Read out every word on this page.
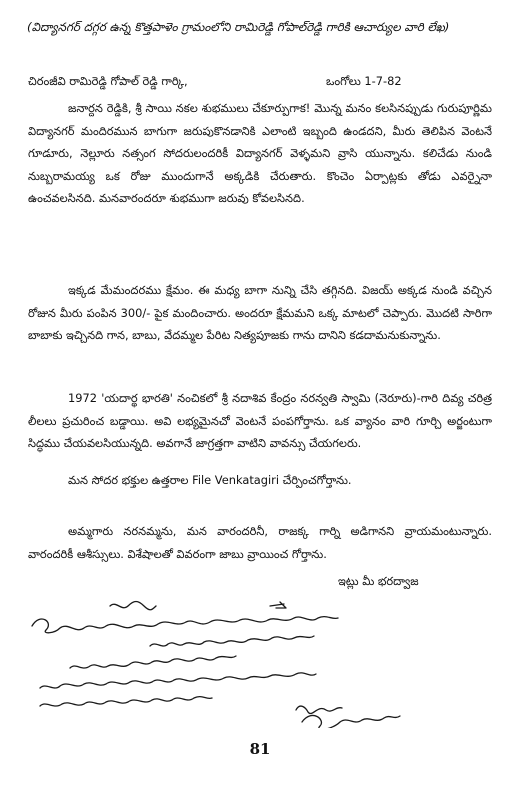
(విద్యానగర్ దగ్గర ఉన్న కొత్తపాళెం గ్రామంలోని రామిరెడ్డి గోపాల్‌రెడ్డి గారికి ఆచార్యుల వారి లేఖ)
చిరంజీవి రామిరెడ్డి గోపాల్ రెడ్డి గార్కి,	ఒంగోలు 1-7-82
జనార్దన రెడ్డికి, శ్రీ సాయి నకల శుభములు చేకూర్పుగాక! మొన్న మనం కలసినప్పుడు గురుపూర్ణిమ విద్యానగర్ మందిరమున బాగుగా జరుపుకొనడానికి ఎలాంటి ఇబ్బంది ఉండదని, మీరు తెలిపిన వెంటనే గూడూరు, నెల్లూరు నత్సంగ సోదరులందరికీ విద్యానగర్ వెళ్ళమని వ్రాసి యున్నాను. కలిచేడు నుండి నుబ్బరామయ్య ఒక రోజు ముందుగానే అక్కడికి చేరుతారు. కొంచెం ఏర్పాట్లకు తోడు ఎవర్నైనా ఉంచవలసినది. మనవారందరూ శుభముగా జరువు కోవలసినది.
ఇక్కడ మేమందరము క్షేమం. ఈ మధ్య బాగా నున్ని చేసి తగ్గినది. విజయ్ అక్కడ నుండి వచ్చిన రోజున మీరు పంపిన 300/- పైక మందించారు. అందరూ క్షేమమని ఒక్క మాటలో చెప్పారు. మొదటి సారిగా బాబాకు ఇచ్చినది గాన, బాబు, వేదమ్మల పేరిట నిత్యపూజకు గాను దానిని కడదామనుకున్నాను.
1972 'యదార్థ భారతి' నంచికలో శ్రీ నదాశివ కేంద్రం నరన్వతి స్వామి (నెరూరు)-గారి దివ్య చరిత్ర లీలలు ప్రచురించ బడ్డాయి. అవి లభ్యమైనచో వెంటనే పంపగోర్తాను. ఒక వ్యానం వారి గూర్చి అర్జంటుగా సిద్ధము చేయవలసియున్నది. అవగానే జాగ్రత్తగా వాటిని వావన్సు చేయగలరు.
మన సోదర భక్తుల ఉత్తరాల File Venkatagiri చేర్పించగోర్తాను.
అమ్మగారు నరనమ్మను, మన వారందరినీ, రాజక్క గార్ని అడిగానని వ్రాయమంటున్నారు. వారందరికీ ఆశీస్సులు. విశేషాలతో వివరంగా జాబు వ్రాయించ గోర్తాను.
ఇట్లు మీ భరద్వాజ
81
